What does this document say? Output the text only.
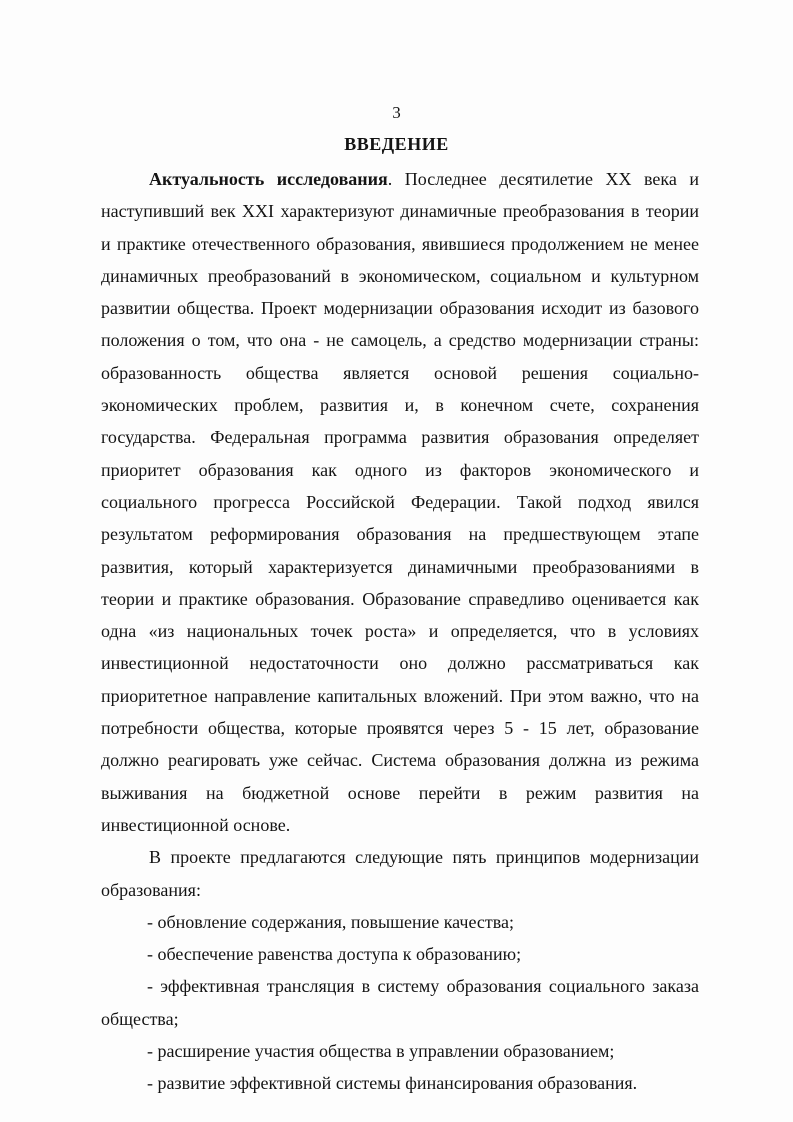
3
ВВЕДЕНИЕ

Актуальность исследования. Последнее десятилетие XX века и наступивший век XXI характеризуют динамичные преобразования в теории и практике отечественного образования, явившиеся продолжением не менее динамичных преобразований в экономическом, социальном и культурном развитии общества. Проект модернизации образования исходит из базового положения о том, что она - не самоцель, а средство модернизации страны: образованность общества является основой решения социально-экономических проблем, развития и, в конечном счете, сохранения государства. Федеральная программа развития образования определяет приоритет образования как одного из факторов экономического и социального прогресса Российской Федерации. Такой подход явился результатом реформирования образования на предшествующем этапе развития, который характеризуется динамичными преобразованиями в теории и практике образования. Образование справедливо оценивается как одна «из национальных точек роста» и определяется, что в условиях инвестиционной недостаточности оно должно рассматриваться как приоритетное направление капитальных вложений. При этом важно, что на потребности общества, которые проявятся через 5 - 15 лет, образование должно реагировать уже сейчас. Система образования должна из режима выживания на бюджетной основе перейти в режим развития на инвестиционной основе.

В проекте предлагаются следующие пять принципов модернизации образования:

- обновление содержания, повышение качества;
- обеспечение равенства доступа к образованию;
- эффективная трансляция в систему образования социального заказа общества;
- расширение участия общества в управлении образованием;
- развитие эффективной системы финансирования образования.
